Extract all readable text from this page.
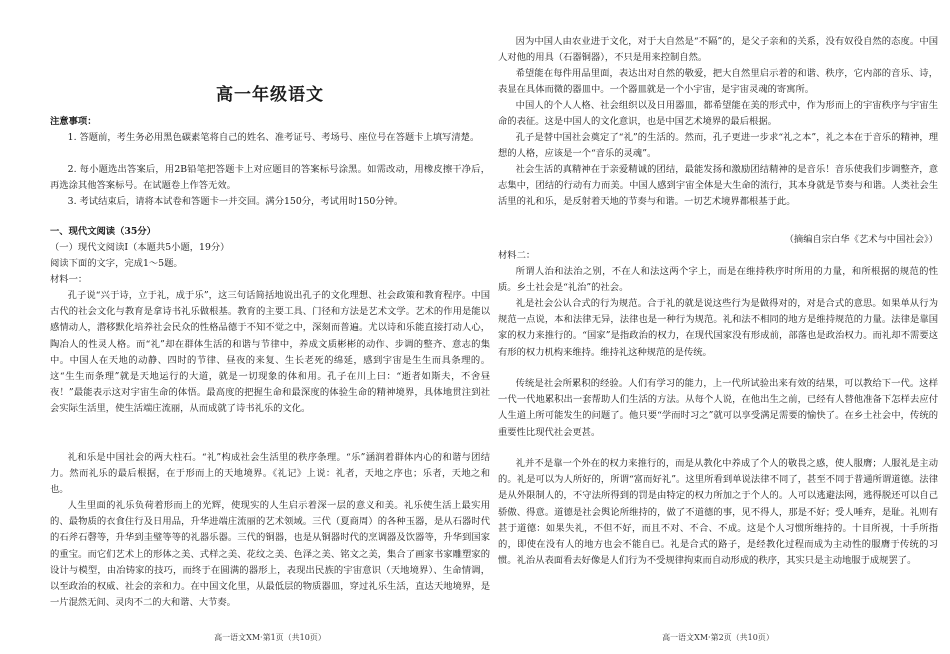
高一年级语文

注意事项：

1. 答题前，考生务必用黑色碳素笔将自己的姓名、准考证号、考场号、座位号在答题卡上填写清楚。

2. 每小题选出答案后，用2B铅笔把答题卡上对应题目的答案标号涂黑。如需改动，用橡皮擦干净后，再选涂其他答案标号。在试题卷上作答无效。

3. 考试结束后，请将本试卷和答题卡一并交回。满分150分，考试用时150分钟。

一、现代文阅读（35分）

（一）现代文阅读Ⅰ（本题共5小题，19分）

阅读下面的文字，完成1～5题。

材料一：

孔子说“兴于诗，立于礼，成于乐”，这三句话简括地说出孔子的文化理想、社会政策和教育程序。中国古代的社会文化与教育是拿诗书礼乐做根基。教育的主要工具、门径和方法是艺术文学。艺术的作用是能以感情动人，潜移默化培养社会民众的性格品德于不知不觉之中，深刻而普遍。尤以诗和乐能直接打动人心，陶冶人的性灵人格。而“礼”却在群体生活的和谐与节律中，养成文质彬彬的动作、步调的整齐、意志的集中。中国人在天地的动静、四时的节律、昼夜的来复、生长老死的绵延，感到宇宙是生生而具条理的。这“生生而条理”就是天地运行的大道，就是一切现象的体和用。孔子在川上曰：“逝者如斯夫，不舍昼夜！”最能表示这对宇宙生命的体悟。最高度的把握生命和最深度的体验生命的精神境界，具体地贯注到社会实际生活里，使生活端庄流丽，从而成就了诗书礼乐的文化。

礼和乐是中国社会的两大柱石。“礼”构成社会生活里的秩序条理。“乐”涵润着群体内心的和谐与团结力。然而礼乐的最后根据，在于形而上的天地境界。《礼记》上说：礼者，天地之序也；乐者，天地之和也。

人生里面的礼乐负荷着形而上的光辉，使现实的人生启示着深一层的意义和美。礼乐使生活上最实用的、最物质的衣食住行及日用品，升华进端庄流丽的艺术领域。三代（夏商周）的各种玉器，是从石器时代的石斧石磬等，升华到圭璧等等的礼器乐器。三代的铜器，也是从铜器时代的烹调器及饮器等，升华到国家的重宝。而它们艺术上的形体之美、式样之美、花纹之美、色泽之美、铭文之美，集合了画家书家雕塑家的设计与模型，由冶铸家的技巧，而终于在圆满的器形上，表现出民族的宇宙意识（天地境界）、生命情调，以至政治的权威、社会的亲和力。在中国文化里，从最低层的物质器皿，穿过礼乐生活，直达天地境界，是一片混然无间、灵肉不二的大和谐、大节奏。

高一语文XM·第1页（共10页）

因为中国人由农业进于文化，对于大自然是“不隔”的，是父子亲和的关系，没有奴役自然的态度。中国人对他的用具（石器铜器），不只是用来控制自然。

希望能在每件用品里面，表达出对自然的敬爱，把大自然里启示着的和谐、秩序，它内部的音乐、诗，表显在具体而微的器皿中。一个器皿就是一个小宇宙，是宇宙灵魂的寄寓所。

中国人的个人人格、社会组织以及日用器皿，都希望能在美的形式中，作为形而上的宇宙秩序与宇宙生命的表征。这是中国人的文化意识，也是中国艺术境界的最后根据。

孔子是替中国社会奠定了“礼”的生活的。然而，孔子更进一步求“礼之本”，礼之本在于音乐的精神，理想的人格，应该是一个“音乐的灵魂”。

社会生活的真精神在于亲爱精诚的团结，最能发扬和激励团结精神的是音乐！音乐使我们步调整齐，意志集中，团结的行动有力而美。中国人感到宇宙全体是大生命的流行，其本身就是节奏与和谐。人类社会生活里的礼和乐，是反射着天地的节奏与和谐。一切艺术境界都根基于此。

（摘编自宗白华《艺术与中国社会》）

材料二：

所谓人治和法治之别，不在人和法这两个字上，而是在维持秩序时所用的力量，和所根据的规范的性质。乡土社会是“礼治”的社会。

礼是社会公认合式的行为规范。合于礼的就是说这些行为是做得对的，对是合式的意思。如果单从行为规范一点说，本和法律无异，法律也是一种行为规范。礼和法不相同的地方是维持规范的力量。法律是靠国家的权力来推行的。“国家”是指政治的权力，在现代国家没有形成前，部落也是政治权力。而礼却不需要这有形的权力机构来维持。维持礼这种规范的是传统。

传统是社会所累积的经验。人们有学习的能力，上一代所试验出来有效的结果，可以教给下一代。这样一代一代地累积出一套帮助人们生活的方法。从每个人说，在他出生之前，已经有人替他准备下怎样去应付人生道上所可能发生的问题了。他只要“学而时习之”就可以享受满足需要的愉快了。在乡土社会中，传统的重要性比现代社会更甚。

礼并不是靠一个外在的权力来推行的，而是从教化中养成了个人的敬畏之感，使人服膺；人服礼是主动的。礼是可以为人所好的，所谓“富而好礼”。这里所看到单说法律不同了，甚至不同于普通所谓道德。法律是从外限制人的，不守法所得到的罚是由特定的权力所加之于个人的。人可以逃避法网，逃得脱还可以自己骄傲、得意。道德是社会舆论所维持的，做了不道德的事，见不得人，那是不好；受人唾弃，是耻。礼则有甚于道德：如果失礼，不但不好，而且不对、不合、不成。这是个人习惯所维持的。十目所视，十手所指的，即使在没有人的地方也会不能自已。礼是合式的路子，是经教化过程而成为主动性的服膺于传统的习惯。礼治从表面看去好像是人们行为不受规律拘束而自动形成的秩序，其实只是主动地服于成规罢了。

高一语文XM·第2页（共10页）
